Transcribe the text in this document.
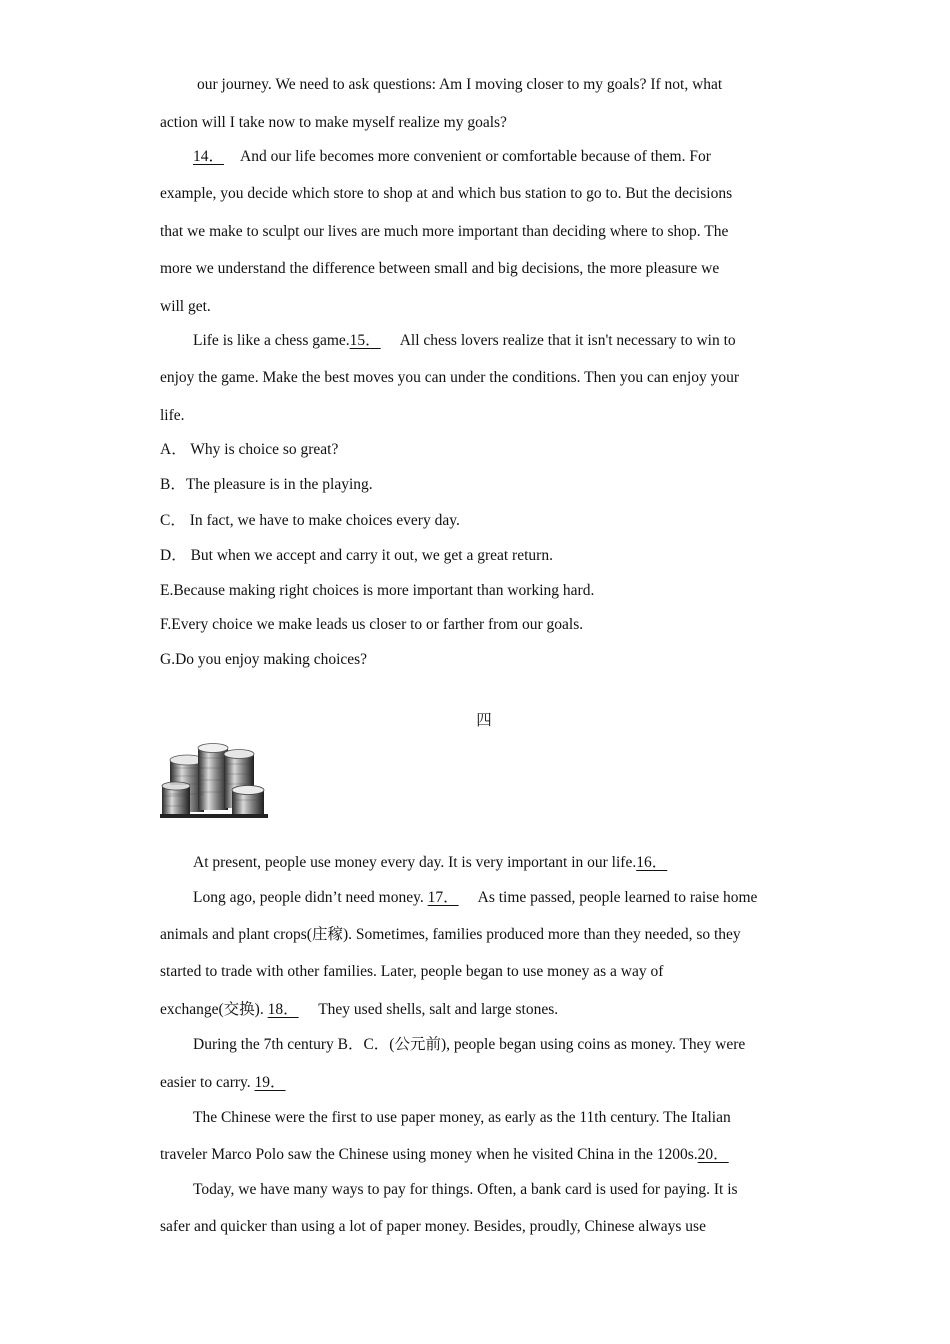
our journey. We need to ask questions: Am I moving closer to my goals? If not, what
action will I take now to make myself realize my goals?
14． And our life becomes more convenient or comfortable because of them. For
example, you decide which store to shop at and which bus station to go to. But the decisions
that we make to sculpt our lives are much more important than deciding where to shop. The
more we understand the difference between small and big decisions, the more pleasure we
will get.
Life is like a chess game.15． All chess lovers realize that it isn't necessary to win to
enjoy the game. Make the best moves you can under the conditions. Then you can enjoy your
life.
A． Why is choice so great?
B．The pleasure is in the playing.
C． In fact, we have to make choices every day.
D． But when we accept and carry it out, we get a great return.
E.Because making right choices is more important than working hard.
F.Every choice we make leads us closer to or farther from our goals.
G.Do you enjoy making choices?
四
At present, people use money every day. It is very important in our life.16．
Long ago, people didn’t need money. 17． As time passed, people learned to raise home
animals and plant crops(庄稼). Sometimes, families produced more than they needed, so they
started to trade with other families. Later, people began to use money as a way of
exchange(交换). 18． They used shells, salt and large stones.
During the 7th century B．C．(公元前), people began using coins as money. They were
easier to carry. 19．
The Chinese were the first to use paper money, as early as the 11th century. The Italian
traveler Marco Polo saw the Chinese using money when he visited China in the 1200s.20．
Today, we have many ways to pay for things. Often, a bank card is used for paying. It is
safer and quicker than using a lot of paper money. Besides, proudly, Chinese always use
